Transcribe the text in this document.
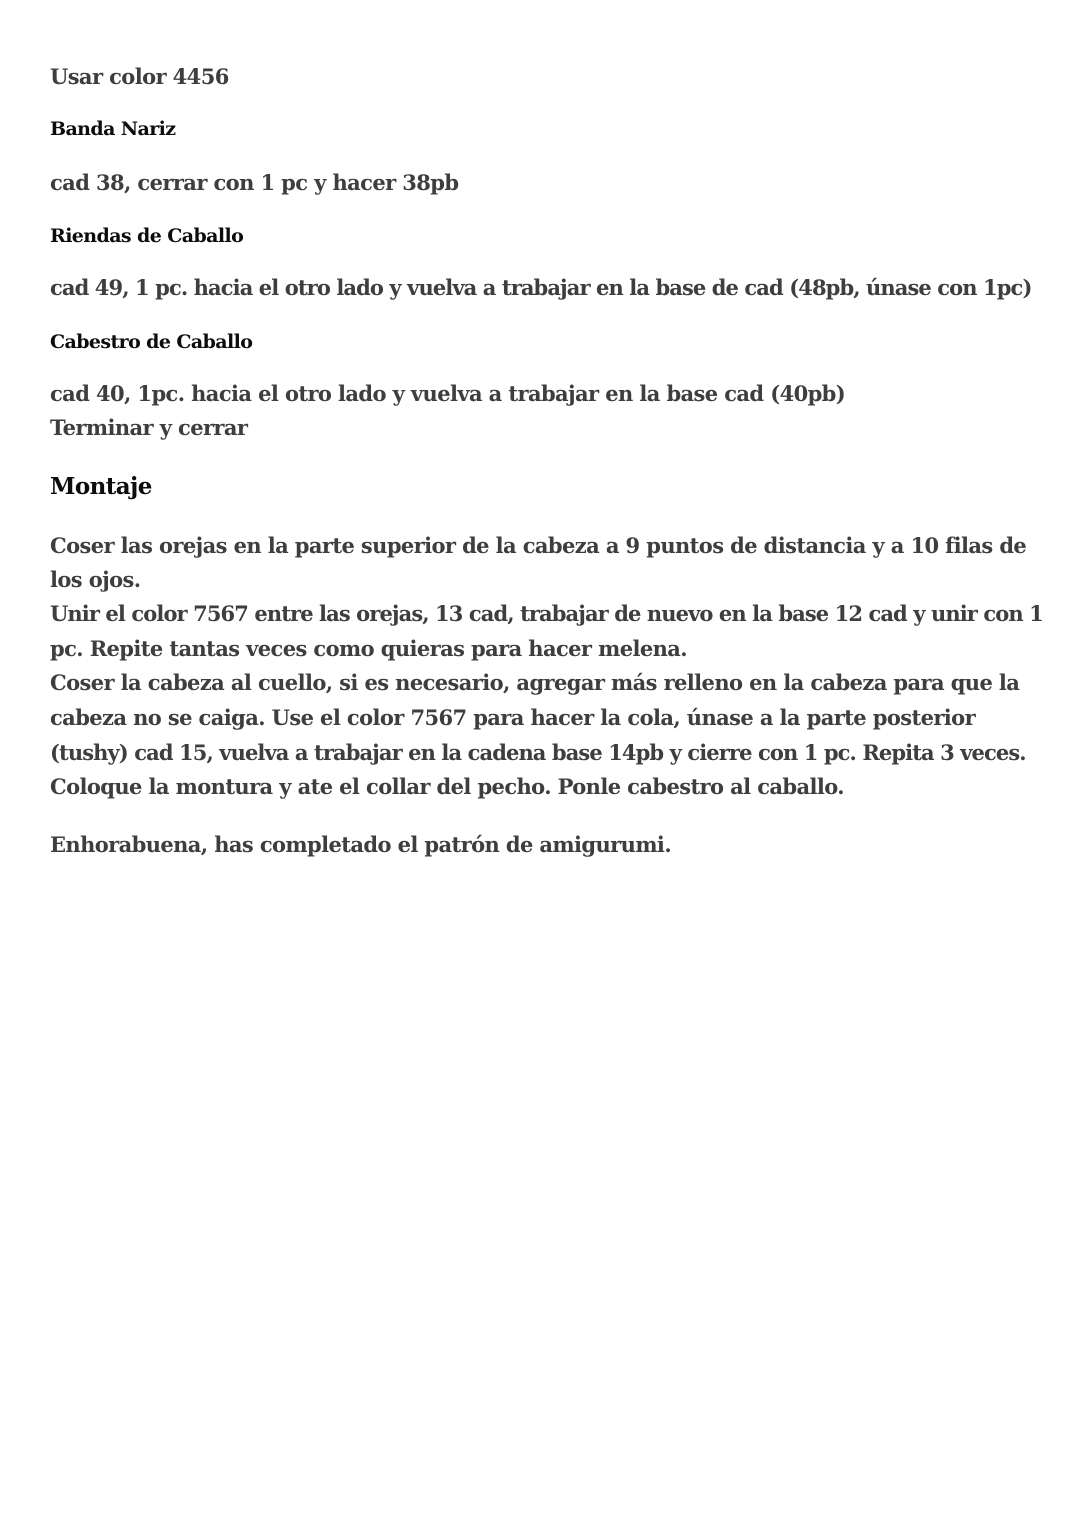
Usar color 4456

Banda Nariz

cad 38, cerrar con 1 pc y hacer 38pb

Riendas de Caballo

cad 49, 1 pc. hacia el otro lado y vuelva a trabajar en la base de cad (48pb, únase con 1pc)

Cabestro de Caballo

cad 40, 1pc. hacia el otro lado y vuelva a trabajar en la base cad (40pb)

Terminar y cerrar

Montaje

Coser las orejas en la parte superior de la cabeza a 9 puntos de distancia y a 10 filas de

los ojos.

Unir el color 7567 entre las orejas, 13 cad, trabajar de nuevo en la base 12 cad y unir con 1

pc. Repite tantas veces como quieras para hacer melena.

Coser la cabeza al cuello, si es necesario, agregar más relleno en la cabeza para que la

cabeza no se caiga. Use el color 7567 para hacer la cola, únase a la parte posterior

(tushy) cad 15, vuelva a trabajar en la cadena base 14pb y cierre con 1 pc. Repita 3 veces.

Coloque la montura y ate el collar del pecho. Ponle cabestro al caballo.

Enhorabuena, has completado el patrón de amigurumi.
